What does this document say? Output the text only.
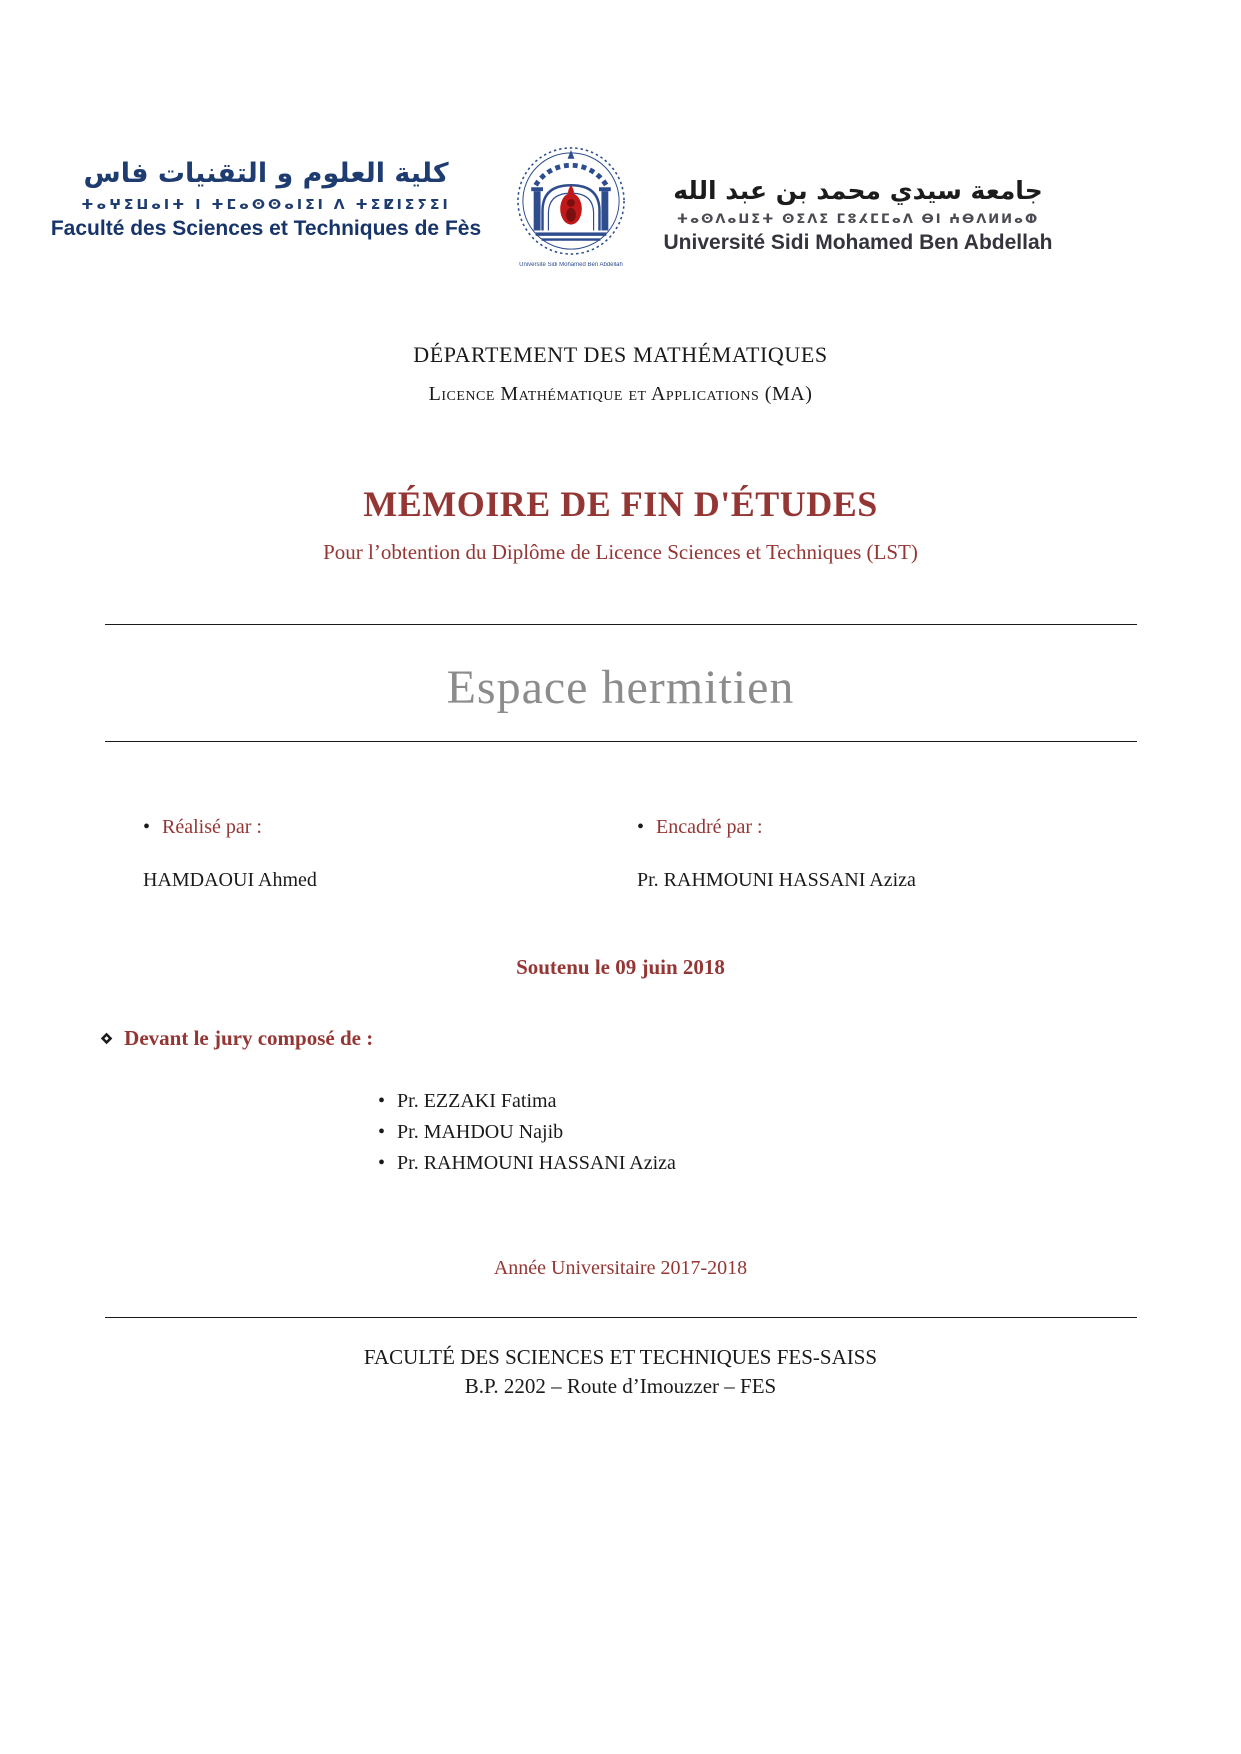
كلية العلوم و التقنيات فاس
ⵜⴰⵖⵉⵡⴰⵏⵜ ⵏ ⵜⵎⴰⵙⵙⴰⵏⵉⵏ ⴷ ⵜⵉⵇⵏⵉⵢⵉⵏ
Faculté des Sciences et Techniques de Fès
Université Sidi Mohamed Ben Abdellah
جامعة سيدي محمد بن عبد الله
ⵜⴰⵙⴷⴰⵡⵉⵜ ⵙⵉⴷⵉ ⵎⵓⵃⵎⵎⴰⴷ ⴱⵏ ⵄⴱⴷⵍⵍⴰⵀ
Université Sidi Mohamed Ben Abdellah
DÉPARTEMENT DES MATHÉMATIQUES
Licence Mathématique et Applications (MA)
MÉMOIRE DE FIN D'ÉTUDES
Pour l’obtention du Diplôme de Licence Sciences et Techniques (LST)
Espace hermitien
• Réalisé par : •	Encadré par :
HAMDAOUI Ahmed	Pr. RAHMOUNI HASSANI Aziza
Soutenu le 09 juin 2018
⋄ Devant le jury composé de :
• Pr. EZZAKI Fatima
• Pr. MAHDOU Najib
• Pr. RAHMOUNI HASSANI Aziza
Année Universitaire 2017-2018
FACULTÉ DES SCIENCES ET TECHNIQUES FES-SAISS
B.P. 2202 – Route d’Imouzzer – FES
